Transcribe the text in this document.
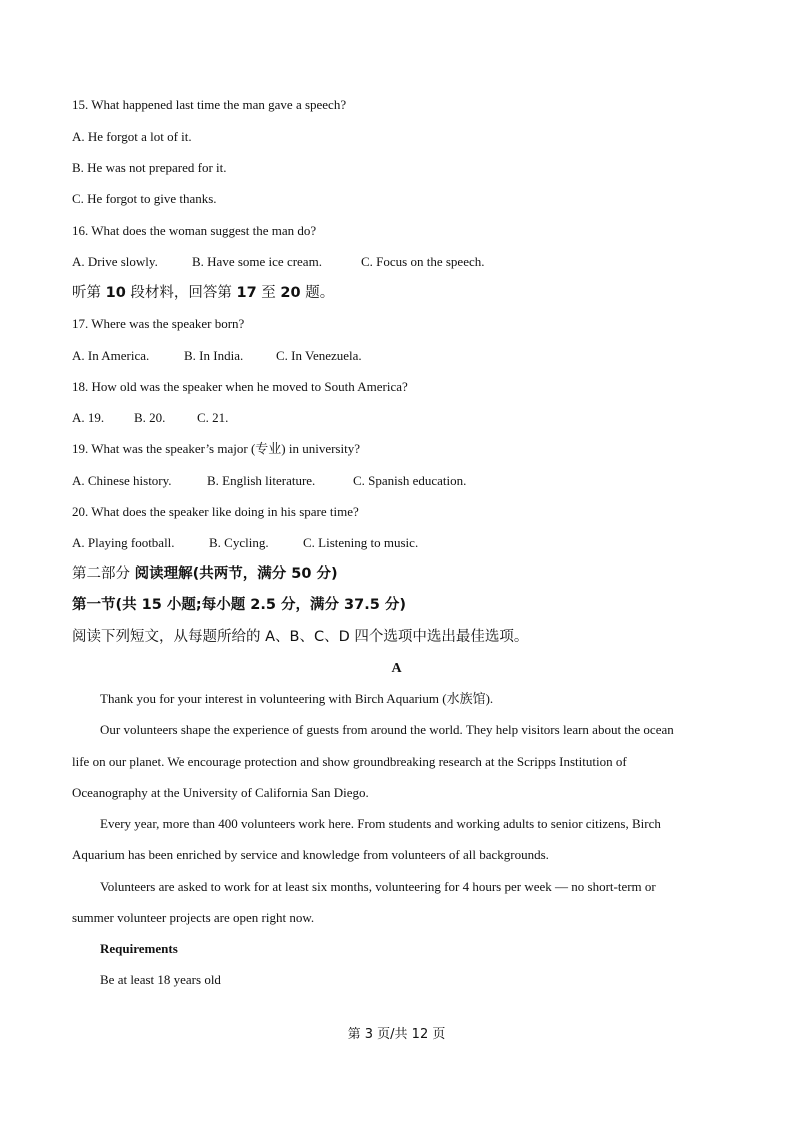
15. What happened last time the man gave a speech?
A. He forgot a lot of it.
B. He was not prepared for it.
C. He forgot to give thanks.
16. What does the woman suggest the man do?
A. Drive slowly.	B. Have some ice cream.	C. Focus on the speech.
听第 10 段材料，回答第 17 至 20 题。
17. Where was the speaker born?
A. In America.	B. In India.	C. In Venezuela.
18. How old was the speaker when he moved to South America?
A. 19. B. 20. C. 21.
19. What was the speaker’s major (专业) in university?
A. Chinese history.	B. English literature.	C. Spanish education.
20. What does the speaker like doing in his spare time?
A. Playing football.	B. Cycling.	C. Listening to music.
第二部分 阅读理解(共两节，满分 50 分)
第一节(共 15 小题;每小题 2.5 分，满分 37.5 分)
阅读下列短文，从每题所给的 A、B、C、D 四个选项中选出最佳选项。
A
Thank you for your interest in volunteering with Birch Aquarium (水族馆).
Our volunteers shape the experience of guests from around the world. They help visitors learn about the ocean
life on our planet. We encourage protection and show groundbreaking research at the Scripps Institution of
Oceanography at the University of California San Diego.
Every year, more than 400 volunteers work here. From students and working adults to senior citizens, Birch
Aquarium has been enriched by service and knowledge from volunteers of all backgrounds.
Volunteers are asked to work for at least six months, volunteering for 4 hours per week — no short-term or
summer volunteer projects are open right now.
Requirements
Be at least 18 years old
第 3 页/共 12 页
